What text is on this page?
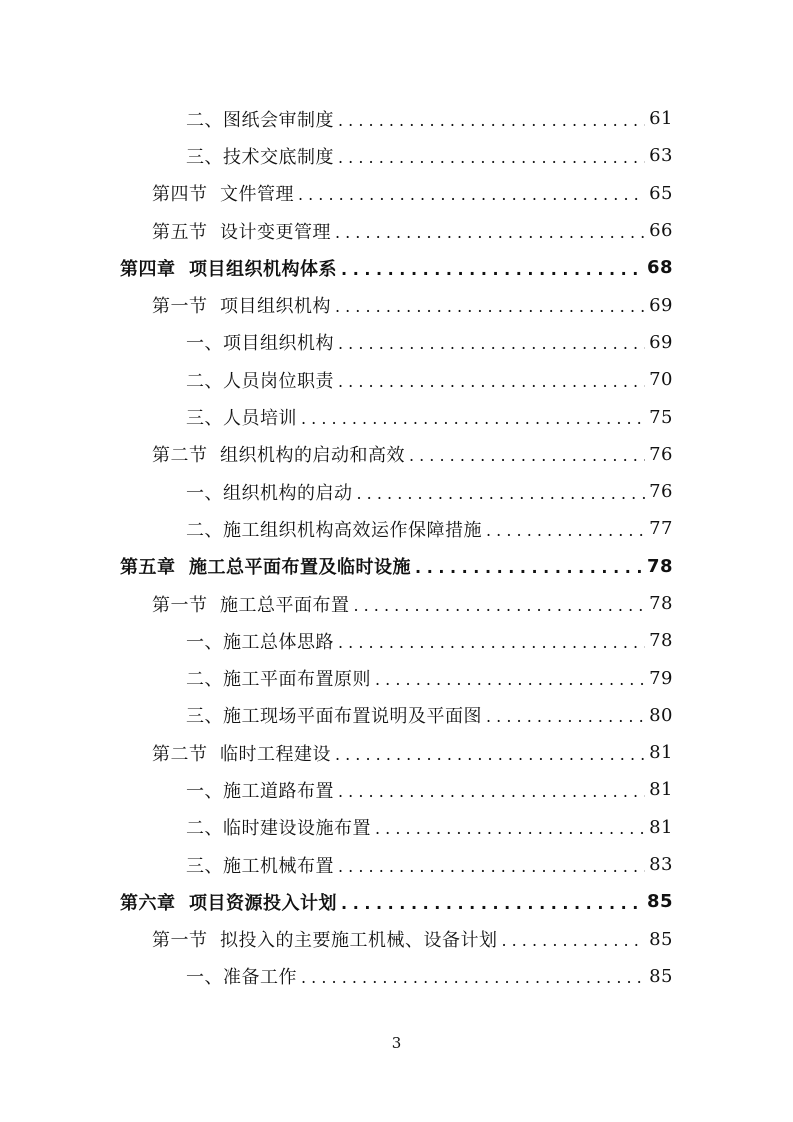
二、图纸会审制度 . . .	61
三、技术交底制度 . . .	63
第四节  文件管理 . . .	65
第五节  设计变更管理 . . .	66
第四章  项目组织机构体系 . . .	68
第一节  项目组织机构 . . .	69
一、项目组织机构 . . .	69
二、人员岗位职责 . . .	70
三、人员培训 . . .	75
第二节  组织机构的启动和高效 . . .	76
一、组织机构的启动 . . .	76
二、施工组织机构高效运作保障措施 . . .	77
第五章  施工总平面布置及临时设施 . . .	78
第一节  施工总平面布置 . . .	78
一、施工总体思路 . . .	78
二、施工平面布置原则 . . .	79
三、施工现场平面布置说明及平面图 . . .	80
第二节  临时工程建设 . . .	81
一、施工道路布置 . . .	81
二、临时建设设施布置 . . .	81
三、施工机械布置 . . .	83
第六章  项目资源投入计划 . . .	85
第一节  拟投入的主要施工机械、设备计划 . . .	85
一、准备工作 . . .	85
3
